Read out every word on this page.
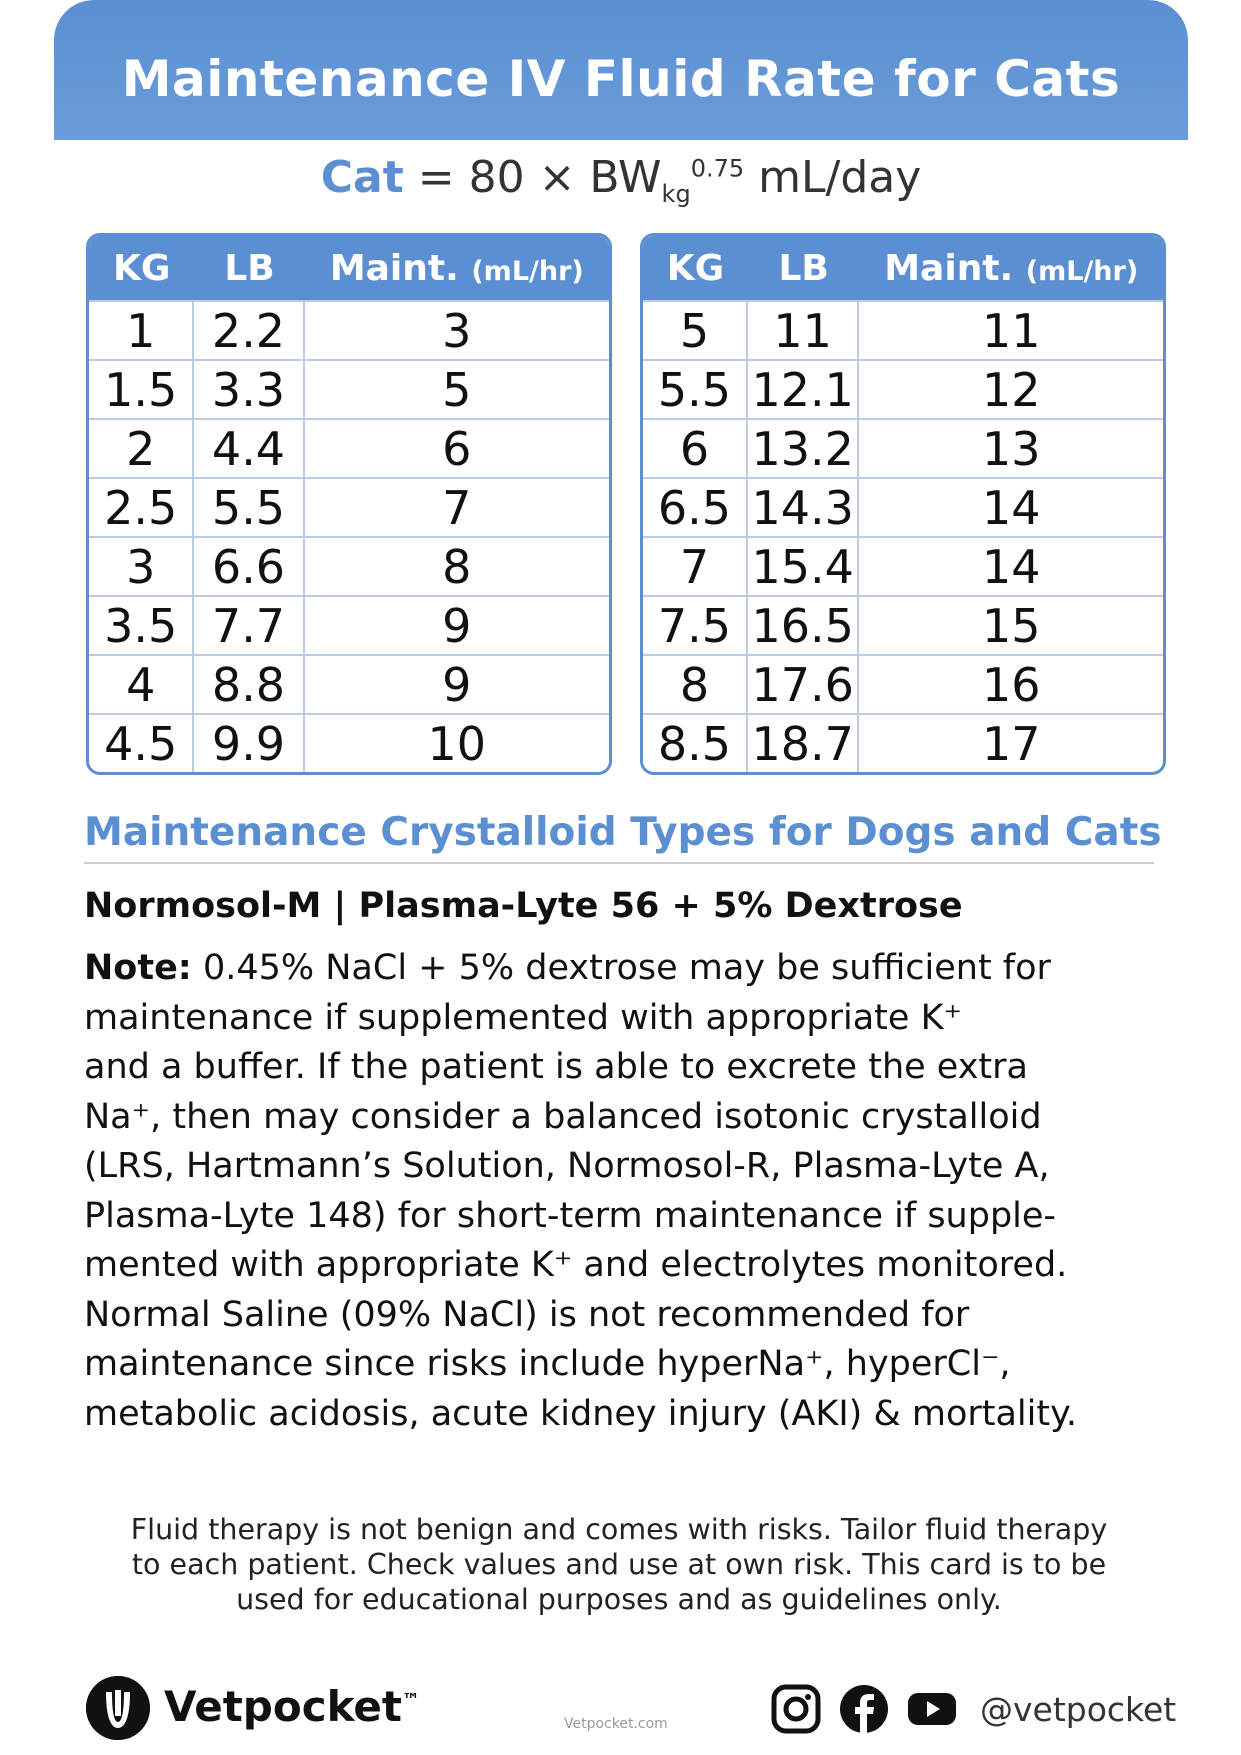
Maintenance IV Fluid Rate for Cats
Cat = $80 \times BW_{kg}^{0.75}$ mL/day
KG	LB	Maint. (mL/hr)
1	2.2	3
1.5	3.3	5
2	4.4	6
2.5	5.5	7
3	6.6	8
3.5	7.7	9
4	8.8	9
4.5	9.9	10
KG	LB	Maint. (mL/hr)
5	11	11
5.5	12.1	12
6	13.2	13
6.5	14.3	14
7	15.4	14
7.5	16.5	15
8	17.6	16
8.5	18.7	17
Maintenance Crystalloid Types for Dogs and Cats
Normosol-M | Plasma-Lyte 56 + 5% Dextrose
Note: 0.45% NaCl + 5% dextrose may be sufficient for
maintenance if supplemented with appropriate K⁺
and a buffer. If the patient is able to excrete the extra
Na⁺, then may consider a balanced isotonic crystalloid
(LRS, Hartmann’s Solution, Normosol-R, Plasma-Lyte A,
Plasma-Lyte 148) for short-term maintenance if supple-
mented with appropriate K⁺ and electrolytes monitored.
Normal Saline (09% NaCl) is not recommended for
maintenance since risks include hyperNa⁺, hyperCl⁻,
metabolic acidosis, acute kidney injury (AKI) & mortality.
Fluid therapy is not benign and comes with risks. Tailor fluid therapy
to each patient. Check values and use at own risk. This card is to be
used for educational purposes and as guidelines only.
Vetpocket™
Vetpocket.com	@vetpocket
